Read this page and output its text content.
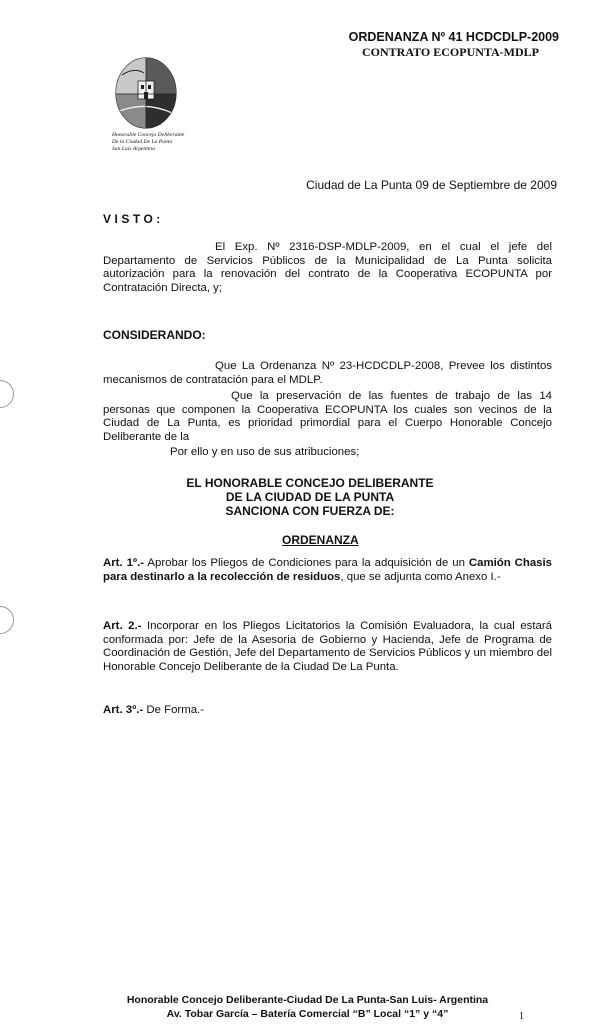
ORDENANZA Nº 41 HCDCDLP-2009
CONTRATO ECOPUNTA-MDLP
Honorable Concejo Deliberante
De la Ciudad De La Punta
San Luis Argentina
Ciudad de La Punta 09 de Septiembre de 2009
VISTO:
El Exp. Nº 2316-DSP-MDLP-2009, en el cual el jefe del Departamento de Servicios Públicos de la Municipalidad de La Punta solicita autorización para la renovación del contrato de la Cooperativa ECOPUNTA por Contratación Directa, y;
CONSIDERANDO:
Que La Ordenanza Nº 23-HCDCDLP-2008, Prevee los distintos mecanismos de contratación para el MDLP.
Que la preservación de las fuentes de trabajo de las 14 personas que componen la Cooperativa ECOPUNTA los cuales son vecinos de la Ciudad de La Punta, es prioridad primordial para el Cuerpo Honorable Concejo Deliberante de la
Por ello y en uso de sus atribuciones;
EL HONORABLE CONCEJO DELIBERANTE
DE LA CIUDAD DE LA PUNTA
SANCIONA CON FUERZA DE:
ORDENANZA
Art. 1º.- Aprobar los Pliegos de Condiciones para la adquisición de un Camión Chasis para destinarlo a la recolección de residuos, que se adjunta como Anexo I.-
Art. 2.- Incorporar en los Pliegos Licitatorios la Comisión Evaluadora, la cual estará conformada por: Jefe de la Asesoria de Gobierno y Hacienda, Jefe de Programa de Coordinación de Gestión, Jefe del Departamento de Servicios Públicos y un miembro del Honorable Concejo Deliberante de la Ciudad De La Punta.
Art. 3º.- De Forma.-
Honorable Concejo Deliberante-Ciudad De La Punta-San Luis- Argentina
Av. Tobar García – Batería Comercial “B” Local “1” y “4”	1
